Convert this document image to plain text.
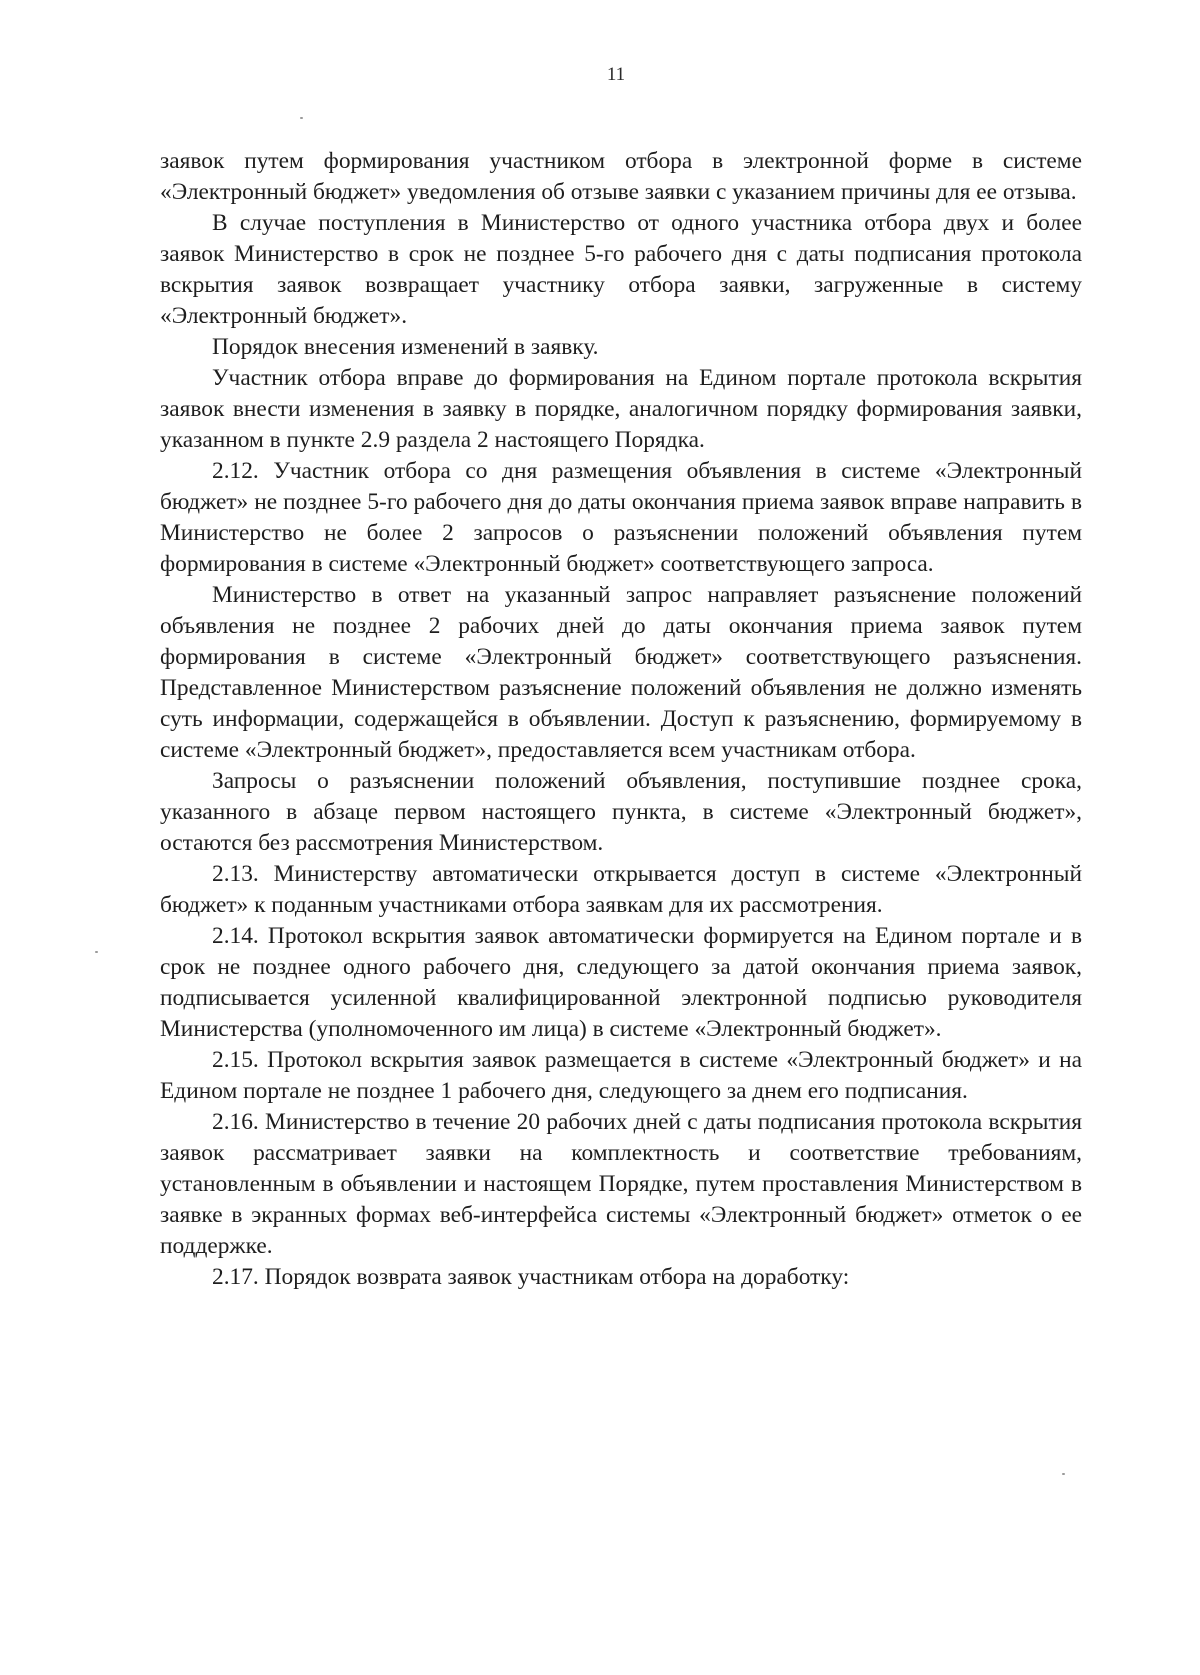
11

заявок путем формирования участником отбора в электронной форме в системе «Электронный бюджет» уведомления об отзыве заявки с указанием причины для ее отзыва.

В случае поступления в Министерство от одного участника отбора двух и более заявок Министерство в срок не позднее 5-го рабочего дня с даты подписания протокола вскрытия заявок возвращает участнику отбора заявки, загруженные в систему «Электронный бюджет».

Порядок внесения изменений в заявку.

Участник отбора вправе до формирования на Едином портале протокола вскрытия заявок внести изменения в заявку в порядке, аналогичном порядку формирования заявки, указанном в пункте 2.9 раздела 2 настоящего Порядка.

2.12. Участник отбора со дня размещения объявления в системе «Электронный бюджет» не позднее 5-го рабочего дня до даты окончания приема заявок вправе направить в Министерство не более 2 запросов о разъяснении положений объявления путем формирования в системе «Электронный бюджет» соответствующего запроса.

Министерство в ответ на указанный запрос направляет разъяснение положений объявления не позднее 2 рабочих дней до даты окончания приема заявок путем формирования в системе «Электронный бюджет» соответствующего разъяснения. Представленное Министерством разъяснение положений объявления не должно изменять суть информации, содержащейся в объявлении. Доступ к разъяснению, формируемому в системе «Электронный бюджет», предоставляется всем участникам отбора.

Запросы о разъяснении положений объявления, поступившие позднее срока, указанного в абзаце первом настоящего пункта, в системе «Электронный бюджет», остаются без рассмотрения Министерством.

2.13. Министерству автоматически открывается доступ в системе «Электронный бюджет» к поданным участниками отбора заявкам для их рассмотрения.

2.14. Протокол вскрытия заявок автоматически формируется на Едином портале и в срок не позднее одного рабочего дня, следующего за датой окончания приема заявок, подписывается усиленной квалифицированной электронной подписью руководителя Министерства (уполномоченного им лица) в системе «Электронный бюджет».

2.15. Протокол вскрытия заявок размещается в системе «Электронный бюджет» и на Едином портале не позднее 1 рабочего дня, следующего за днем его подписания.

2.16. Министерство в течение 20 рабочих дней с даты подписания протокола вскрытия заявок рассматривает заявки на комплектность и соответствие требованиям, установленным в объявлении и настоящем Порядке, путем проставления Министерством в заявке в экранных формах веб-интерфейса системы «Электронный бюджет» отметок о ее поддержке.

2.17. Порядок возврата заявок участникам отбора на доработку:
